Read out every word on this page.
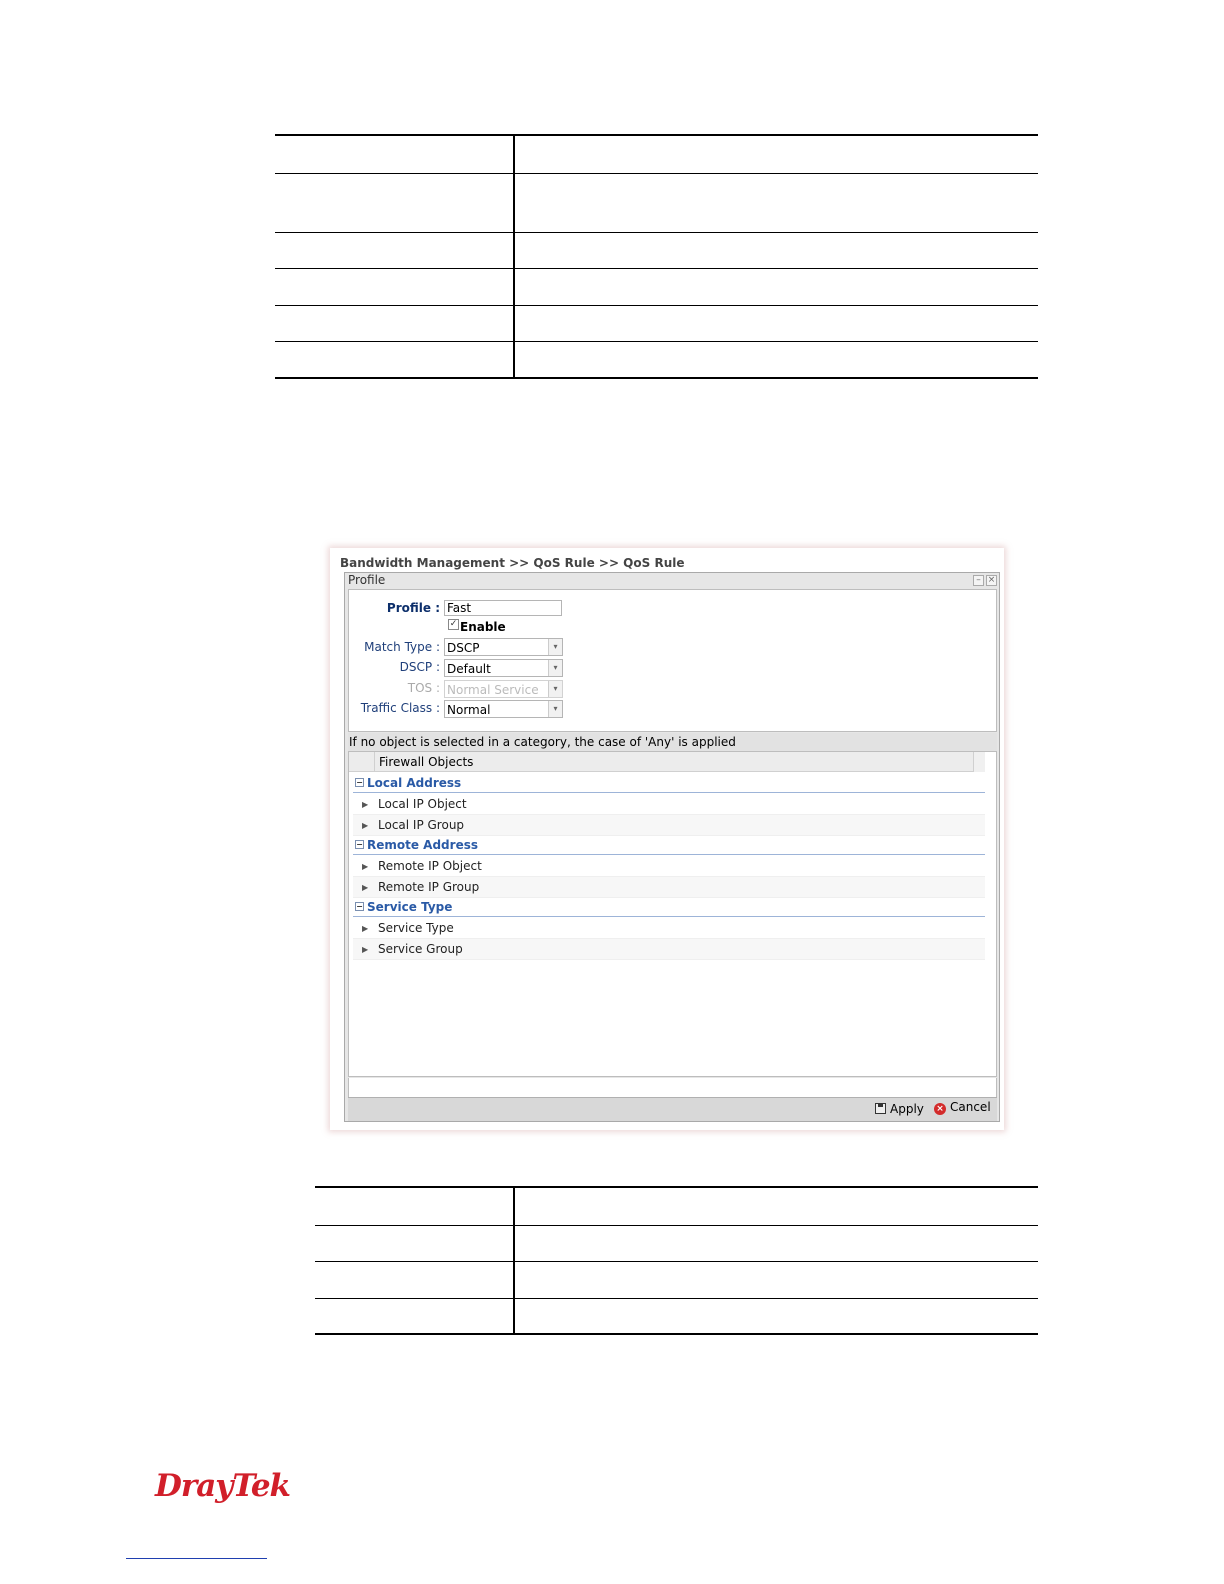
Bandwidth Management >> QoS Rule >> QoS Rule
Profile	– ×
Profile : Fast
✓ Enable
Match Type : DSCP	▾
DSCP : Default	▾
TOS : Normal Service	▾
Traffic Class : Normal	▾
If no object is selected in a category, the case of 'Any' is applied
Firewall Objects
− Local Address
▶ Local IP Object
▶ Local IP Group
− Remote Address
▶ Remote IP Object
▶ Remote IP Group
− Service Type
▶ Service Type
▶ Service Group
Apply × Cancel

DrayTek
